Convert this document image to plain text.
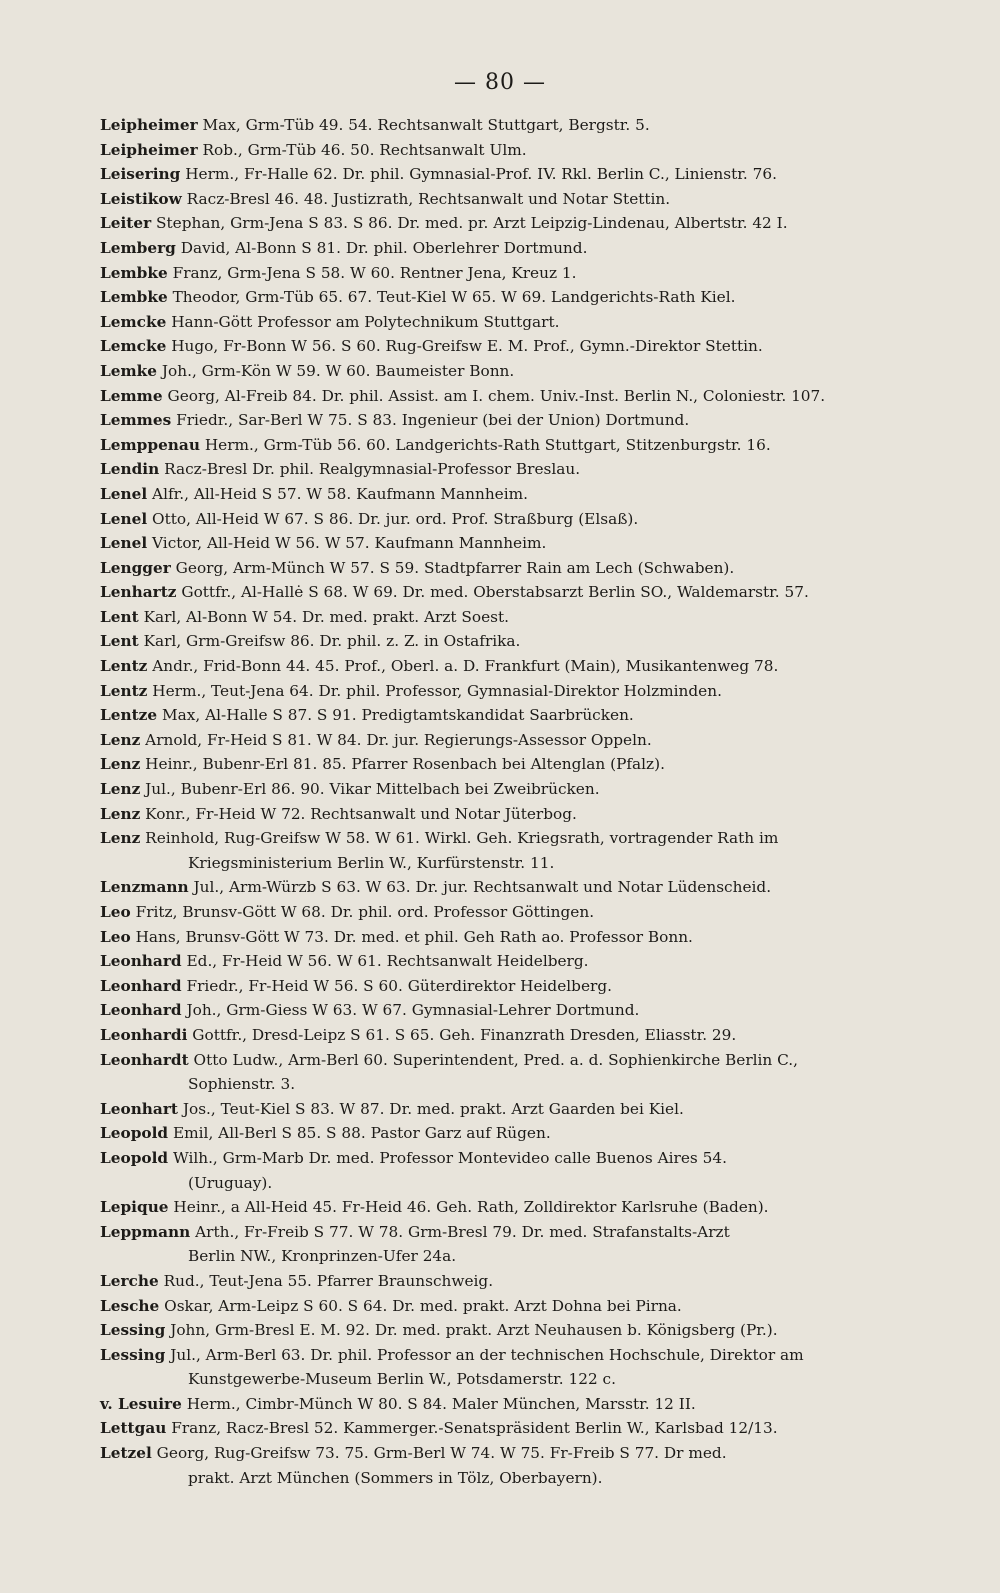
— 80 —
Leipheimer Max, Grm-Tüb 49. 54. Rechtsanwalt Stuttgart, Bergstr. 5.
Leipheimer Rob., Grm-Tüb 46. 50. Rechtsanwalt Ulm.
Leisering Herm., Fr-Halle 62. Dr. phil. Gymnasial-Prof. IV. Rkl. Berlin C., Linienstr. 76.
Leistikow Racz-Bresl 46. 48. Justizrath, Rechtsanwalt und Notar Stettin.
Leiter Stephan, Grm-Jena S 83. S 86. Dr. med. pr. Arzt Leipzig-Lindenau, Albertstr. 42 I.
Lemberg David, Al-Bonn S 81. Dr. phil. Oberlehrer Dortmund.
Lembke Franz, Grm-Jena S 58. W 60. Rentner Jena, Kreuz 1.
Lembke Theodor, Grm-Tüb 65. 67. Teut-Kiel W 65. W 69. Landgerichts-Rath Kiel.
Lemcke Hann-Gött Professor am Polytechnikum Stuttgart.
Lemcke Hugo, Fr-Bonn W 56. S 60. Rug-Greifsw E. M. Prof., Gymn.-Direktor Stettin.
Lemke Joh., Grm-Kön W 59. W 60. Baumeister Bonn.
Lemme Georg, Al-Freib 84. Dr. phil. Assist. am I. chem. Univ.-Inst. Berlin N., Coloniestr. 107.
Lemmes Friedr., Sar-Berl W 75. S 83. Ingenieur (bei der Union) Dortmund.
Lemppenau Herm., Grm-Tüb 56. 60. Landgerichts-Rath Stuttgart, Stitzenburgstr. 16.
Lendin Racz-Bresl Dr. phil. Realgymnasial-Professor Breslau.
Lenel Alfr., All-Heid S 57. W 58. Kaufmann Mannheim.
Lenel Otto, All-Heid W 67. S 86. Dr. jur. ord. Prof. Straßburg (Elsaß).
Lenel Victor, All-Heid W 56. W 57. Kaufmann Mannheim.
Lengger Georg, Arm-Münch W 57. S 59. Stadtpfarrer Rain am Lech (Schwaben).
Lenhartz Gottfr., Al-Hallė S 68. W 69. Dr. med. Oberstabsarzt Berlin SO., Waldemarstr. 57.
Lent Karl, Al-Bonn W 54. Dr. med. prakt. Arzt Soest.
Lent Karl, Grm-Greifsw 86. Dr. phil. z. Z. in Ostafrika.
Lentz Andr., Frid-Bonn 44. 45. Prof., Oberl. a. D. Frankfurt (Main), Musikantenweg 78.
Lentz Herm., Teut-Jena 64. Dr. phil. Professor, Gymnasial-Direktor Holzminden.
Lentze Max, Al-Halle S 87. S 91. Predigtamtskandidat Saarbrücken.
Lenz Arnold, Fr-Heid S 81. W 84. Dr. jur. Regierungs-Assessor Oppeln.
Lenz Heinr., Bubenr-Erl 81. 85. Pfarrer Rosenbach bei Altenglan (Pfalz).
Lenz Jul., Bubenr-Erl 86. 90. Vikar Mittelbach bei Zweibrücken.
Lenz Konr., Fr-Heid W 72. Rechtsanwalt und Notar Jüterbog.
Lenz Reinhold, Rug-Greifsw W 58. W 61. Wirkl. Geh. Kriegsrath, vortragender Rath im
Kriegsministerium Berlin W., Kurfürstenstr. 11.
Lenzmann Jul., Arm-Würzb S 63. W 63. Dr. jur. Rechtsanwalt und Notar Lüdenscheid.
Leo Fritz, Brunsv-Gött W 68. Dr. phil. ord. Professor Göttingen.
Leo Hans, Brunsv-Gött W 73. Dr. med. et phil. Geh Rath ao. Professor Bonn.
Leonhard Ed., Fr-Heid W 56. W 61. Rechtsanwalt Heidelberg.
Leonhard Friedr., Fr-Heid W 56. S 60. Güterdirektor Heidelberg.
Leonhard Joh., Grm-Giess W 63. W 67. Gymnasial-Lehrer Dortmund.
Leonhardi Gottfr., Dresd-Leipz S 61. S 65. Geh. Finanzrath Dresden, Eliasstr. 29.
Leonhardt Otto Ludw., Arm-Berl 60. Superintendent, Pred. a. d. Sophienkirche Berlin C.,
Sophienstr. 3.
Leonhart Jos., Teut-Kiel S 83. W 87. Dr. med. prakt. Arzt Gaarden bei Kiel.
Leopold Emil, All-Berl S 85. S 88. Pastor Garz auf Rügen.
Leopold Wilh., Grm-Marb Dr. med. Professor Montevideo calle Buenos Aires 54.
(Uruguay).
Lepique Heinr., a All-Heid 45. Fr-Heid 46. Geh. Rath, Zolldirektor Karlsruhe (Baden).
Leppmann Arth., Fr-Freib S 77. W 78. Grm-Bresl 79. Dr. med. Strafanstalts-Arzt
Berlin NW., Kronprinzen-Ufer 24a.
Lerche Rud., Teut-Jena 55. Pfarrer Braunschweig.
Lesche Oskar, Arm-Leipz S 60. S 64. Dr. med. prakt. Arzt Dohna bei Pirna.
Lessing John, Grm-Bresl E. M. 92. Dr. med. prakt. Arzt Neuhausen b. Königsberg (Pr.).
Lessing Jul., Arm-Berl 63. Dr. phil. Professor an der technischen Hochschule, Direktor am
Kunstgewerbe-Museum Berlin W., Potsdamerstr. 122 c.
v. Lesuire Herm., Cimbr-Münch W 80. S 84. Maler München, Marsstr. 12 II.
Lettgau Franz, Racz-Bresl 52. Kammerger.-Senatspräsident Berlin W., Karlsbad 12/13.
Letzel Georg, Rug-Greifsw 73. 75. Grm-Berl W 74. W 75. Fr-Freib S 77. Dr med.
prakt. Arzt München (Sommers in Tölz, Oberbayern).
